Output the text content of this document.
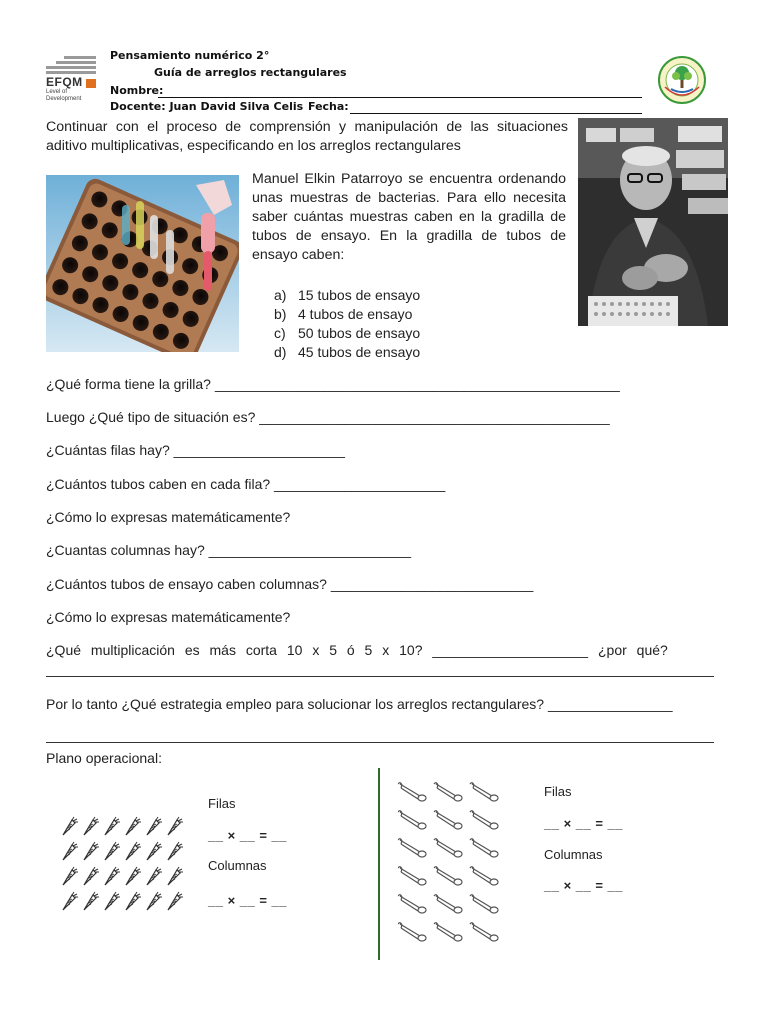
EFQM
Level of
Development
Pensamiento numérico 2°
Guía de arreglos rectangulares
Nombre:
Docente: Juan David Silva Celis Fecha:
Continuar con el proceso de comprensión y manipulación de las situaciones aditivo multiplicativas, especificando en los arreglos rectangulares
Manuel Elkin Patarroyo se encuentra ordenando unas muestras de bacterias. Para ello necesita saber cuántas muestras caben en la gradilla de tubos de ensayo. En la gradilla de tubos de ensayo caben:
a) 15 tubos de ensayo
b) 4 tubos de ensayo
c) 50 tubos de ensayo
d) 45 tubos de ensayo
¿Qué forma tiene la grilla? ____________________________________________________
Luego ¿Qué tipo de situación es? _____________________________________________
¿Cuántas filas hay? ______________________
¿Cuántos tubos caben en cada fila? ______________________
¿Cómo lo expresas matemáticamente?
¿Cuantas columnas hay? __________________________
¿Cuántos tubos de ensayo caben columnas? __________________________
¿Cómo lo expresas matemáticamente?
¿Qué multiplicación es más corta 10 x 5 ó 5 x 10? ____________________ ¿por qué?
Por lo tanto ¿Qué estrategia empleo para solucionar los arreglos rectangulares? ________________
Plano operacional:
Filas
__ × __ = __
Columnas
__ × __ = __
Filas
__ × __ = __
Columnas
__ × __ = __
